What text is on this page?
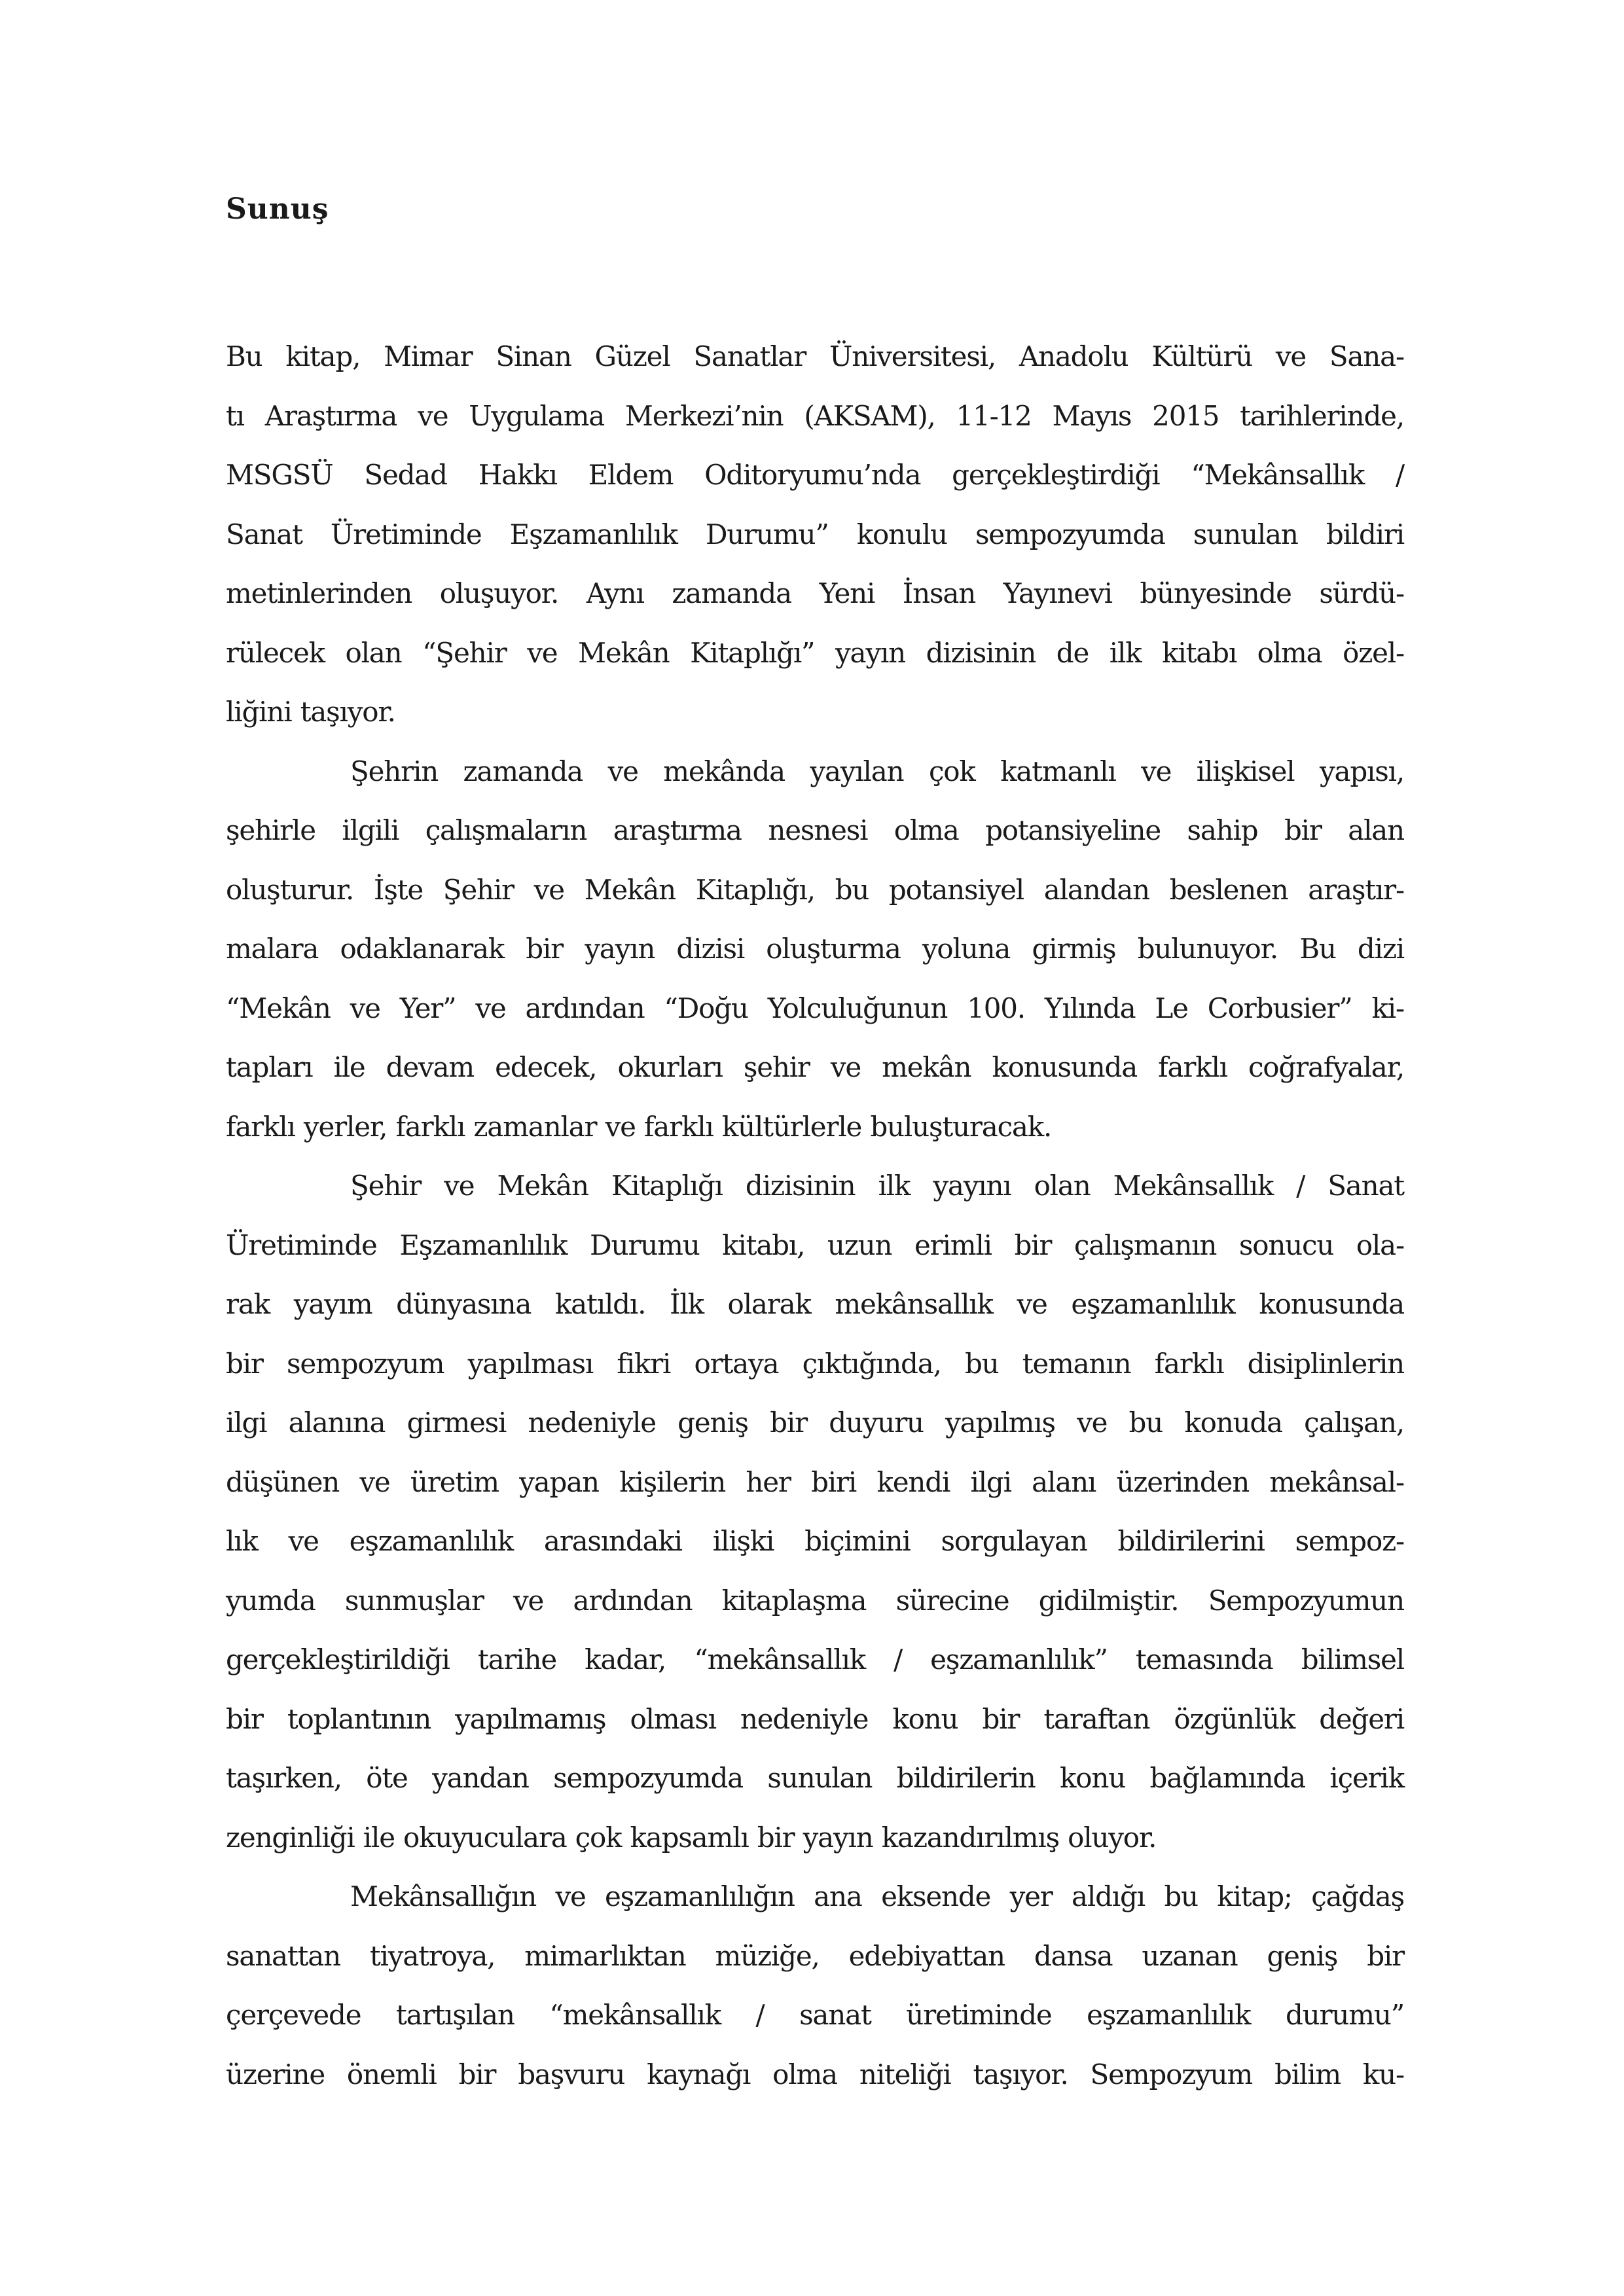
Sunuş

Bu kitap, Mimar Sinan Güzel Sanatlar Üniversitesi, Anadolu Kültürü ve Sana-
tı Araştırma ve Uygulama Merkezi’nin (AKSAM), 11-12 Mayıs 2015 tarihlerinde,
MSGSÜ Sedad Hakkı Eldem Oditoryumu’nda gerçekleştirdiği “Mekânsallık /
Sanat Üretiminde Eşzamanlılık Durumu” konulu sempozyumda sunulan bildiri
metinlerinden oluşuyor. Aynı zamanda Yeni İnsan Yayınevi bünyesinde sürdü-
rülecek olan “Şehir ve Mekân Kitaplığı” yayın dizisinin de ilk kitabı olma özel-
liğini taşıyor.

Şehrin zamanda ve mekânda yayılan çok katmanlı ve ilişkisel yapısı,
şehirle ilgili çalışmaların araştırma nesnesi olma potansiyeline sahip bir alan
oluşturur. İşte Şehir ve Mekân Kitaplığı, bu potansiyel alandan beslenen araştır-
malara odaklanarak bir yayın dizisi oluşturma yoluna girmiş bulunuyor. Bu dizi
“Mekân ve Yer” ve ardından “Doğu Yolculuğunun 100. Yılında Le Corbusier” ki-
tapları ile devam edecek, okurları şehir ve mekân konusunda farklı coğrafyalar,
farklı yerler, farklı zamanlar ve farklı kültürlerle buluşturacak.

Şehir ve Mekân Kitaplığı dizisinin ilk yayını olan Mekânsallık / Sanat
Üretiminde Eşzamanlılık Durumu kitabı, uzun erimli bir çalışmanın sonucu ola-
rak yayım dünyasına katıldı. İlk olarak mekânsallık ve eşzamanlılık konusunda
bir sempozyum yapılması fikri ortaya çıktığında, bu temanın farklı disiplinlerin
ilgi alanına girmesi nedeniyle geniş bir duyuru yapılmış ve bu konuda çalışan,
düşünen ve üretim yapan kişilerin her biri kendi ilgi alanı üzerinden mekânsal-
lık ve eşzamanlılık arasındaki ilişki biçimini sorgulayan bildirilerini sempoz-
yumda sunmuşlar ve ardından kitaplaşma sürecine gidilmiştir. Sempozyumun
gerçekleştirildiği tarihe kadar, “mekânsallık / eşzamanlılık” temasında bilimsel
bir toplantının yapılmamış olması nedeniyle konu bir taraftan özgünlük değeri
taşırken, öte yandan sempozyumda sunulan bildirilerin konu bağlamında içerik
zenginliği ile okuyuculara çok kapsamlı bir yayın kazandırılmış oluyor.

Mekânsallığın ve eşzamanlılığın ana eksende yer aldığı bu kitap; çağdaş
sanattan tiyatroya, mimarlıktan müziğe, edebiyattan dansa uzanan geniş bir
çerçevede tartışılan “mekânsallık / sanat üretiminde eşzamanlılık durumu”
üzerine önemli bir başvuru kaynağı olma niteliği taşıyor. Sempozyum bilim ku-
